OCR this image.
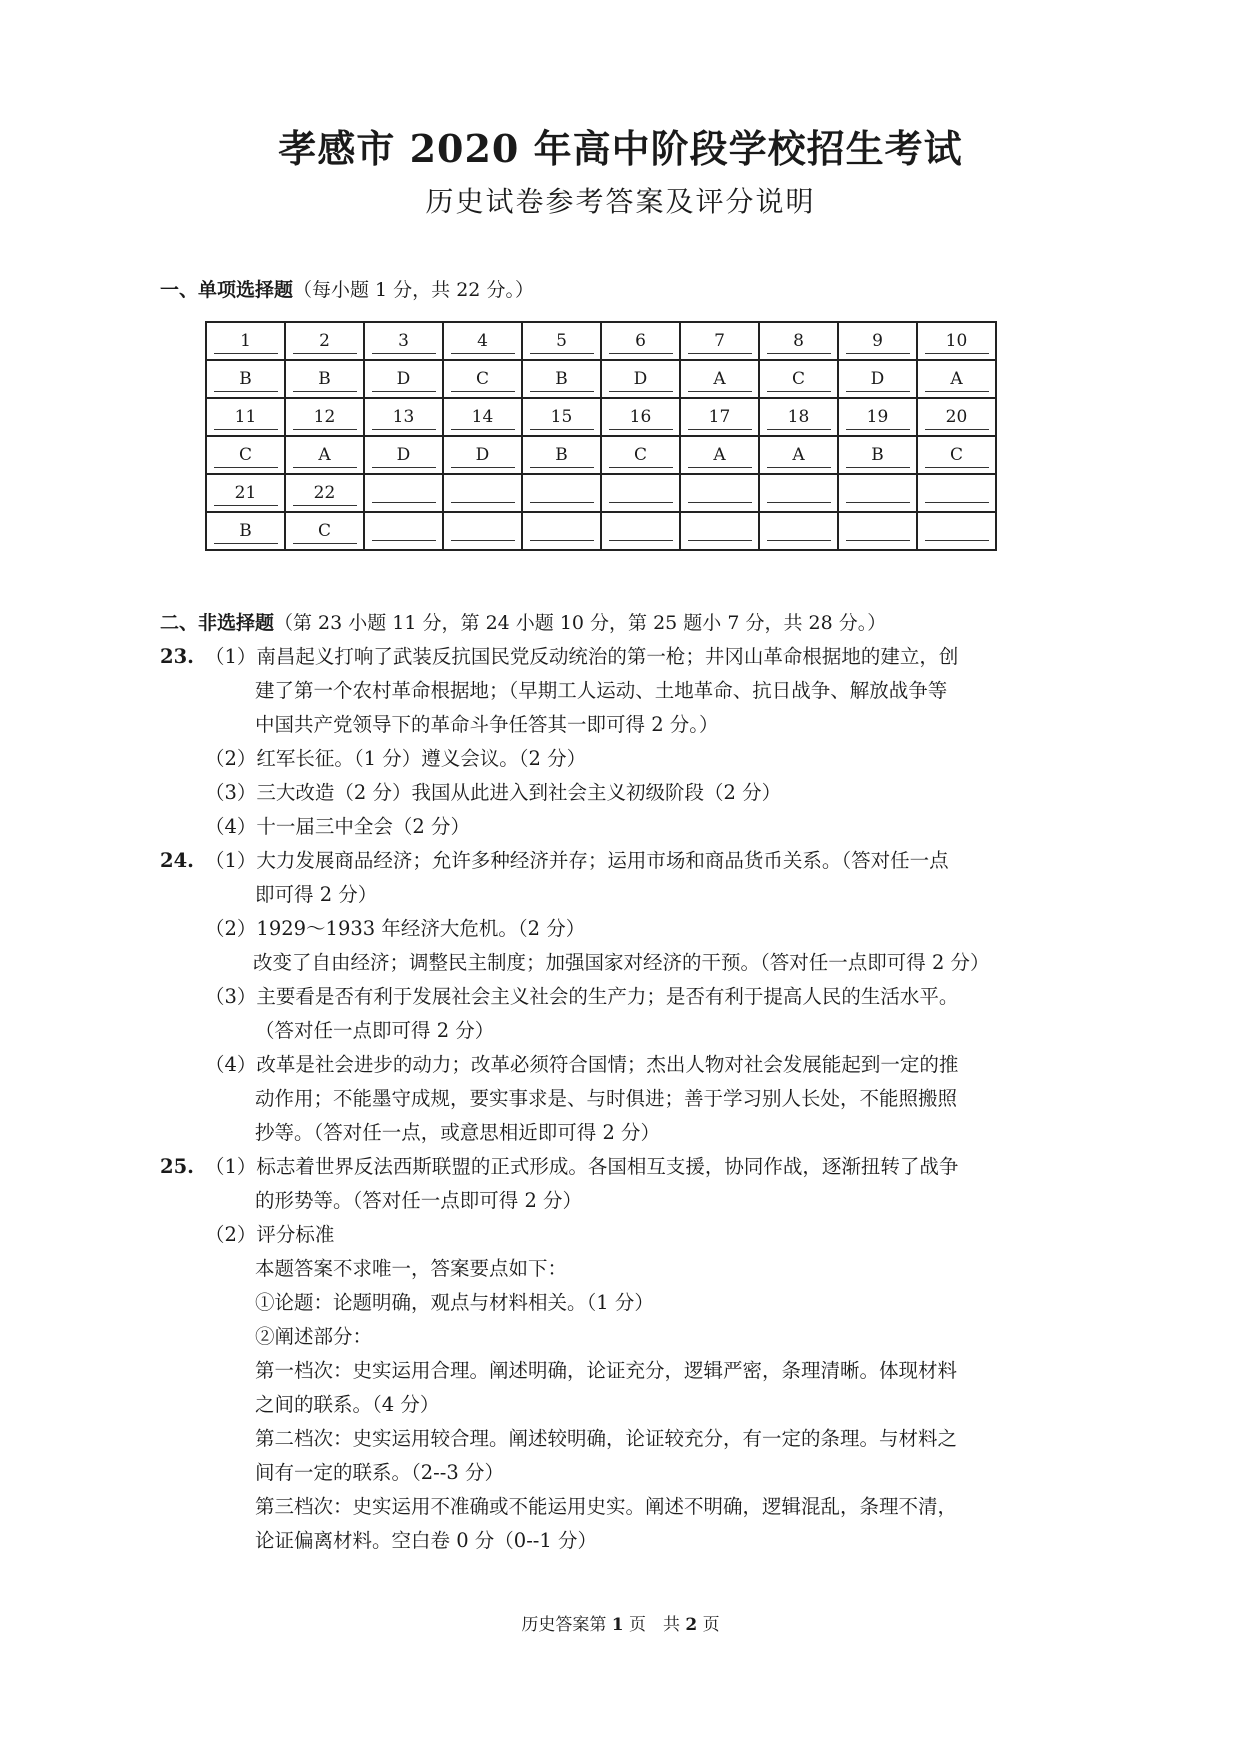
孝感市 2020 年高中阶段学校招生考试
历史试卷参考答案及评分说明
一、单项选择题（每小题 1 分，共 22 分。）
1	2	3	4	5	6	7	8	9	10
B	B	D	C	B	D	A	C	D	A
11	12	13	14	15	16	17	18	19	20
C	A	D	D	B	C	A	A	B	C
21	22								
B	C								
二、非选择题（第 23 小题 11 分，第 24 小题 10 分，第 25 题小 7 分，共 28 分。）
23. （1）南昌起义打响了武装反抗国民党反动统治的第一枪；井冈山革命根据地的建立，创
建了第一个农村革命根据地；（早期工人运动、土地革命、抗日战争、解放战争等
中国共产党领导下的革命斗争任答其一即可得 2 分。）
（2）红军长征。（1 分）遵义会议。（2 分）
（3）三大改造（2 分）我国从此进入到社会主义初级阶段（2 分）
（4）十一届三中全会（2 分）
24. （1）大力发展商品经济；允许多种经济并存；运用市场和商品货币关系。（答对任一点
即可得 2 分）
（2）1929～1933 年经济大危机。（2 分）
改变了自由经济；调整民主制度；加强国家对经济的干预。（答对任一点即可得 2 分）
（3）主要看是否有利于发展社会主义社会的生产力；是否有利于提高人民的生活水平。
（答对任一点即可得 2 分）
（4）改革是社会进步的动力；改革必须符合国情；杰出人物对社会发展能起到一定的推
动作用；不能墨守成规，要实事求是、与时俱进；善于学习别人长处，不能照搬照
抄等。（答对任一点，或意思相近即可得 2 分）
25. （1）标志着世界反法西斯联盟的正式形成。各国相互支援，协同作战，逐渐扭转了战争
的形势等。（答对任一点即可得 2 分）
（2）评分标准
本题答案不求唯一，答案要点如下：
①论题：论题明确，观点与材料相关。（1 分）
②阐述部分：
第一档次：史实运用合理。阐述明确，论证充分，逻辑严密，条理清晰。体现材料
之间的联系。（4 分）
第二档次：史实运用较合理。阐述较明确，论证较充分，有一定的条理。与材料之
间有一定的联系。（2--3 分）
第三档次：史实运用不准确或不能运用史实。阐述不明确，逻辑混乱，条理不清，
论证偏离材料。空白卷 0 分（0--1 分）
历史答案第 1 页　共 2 页
